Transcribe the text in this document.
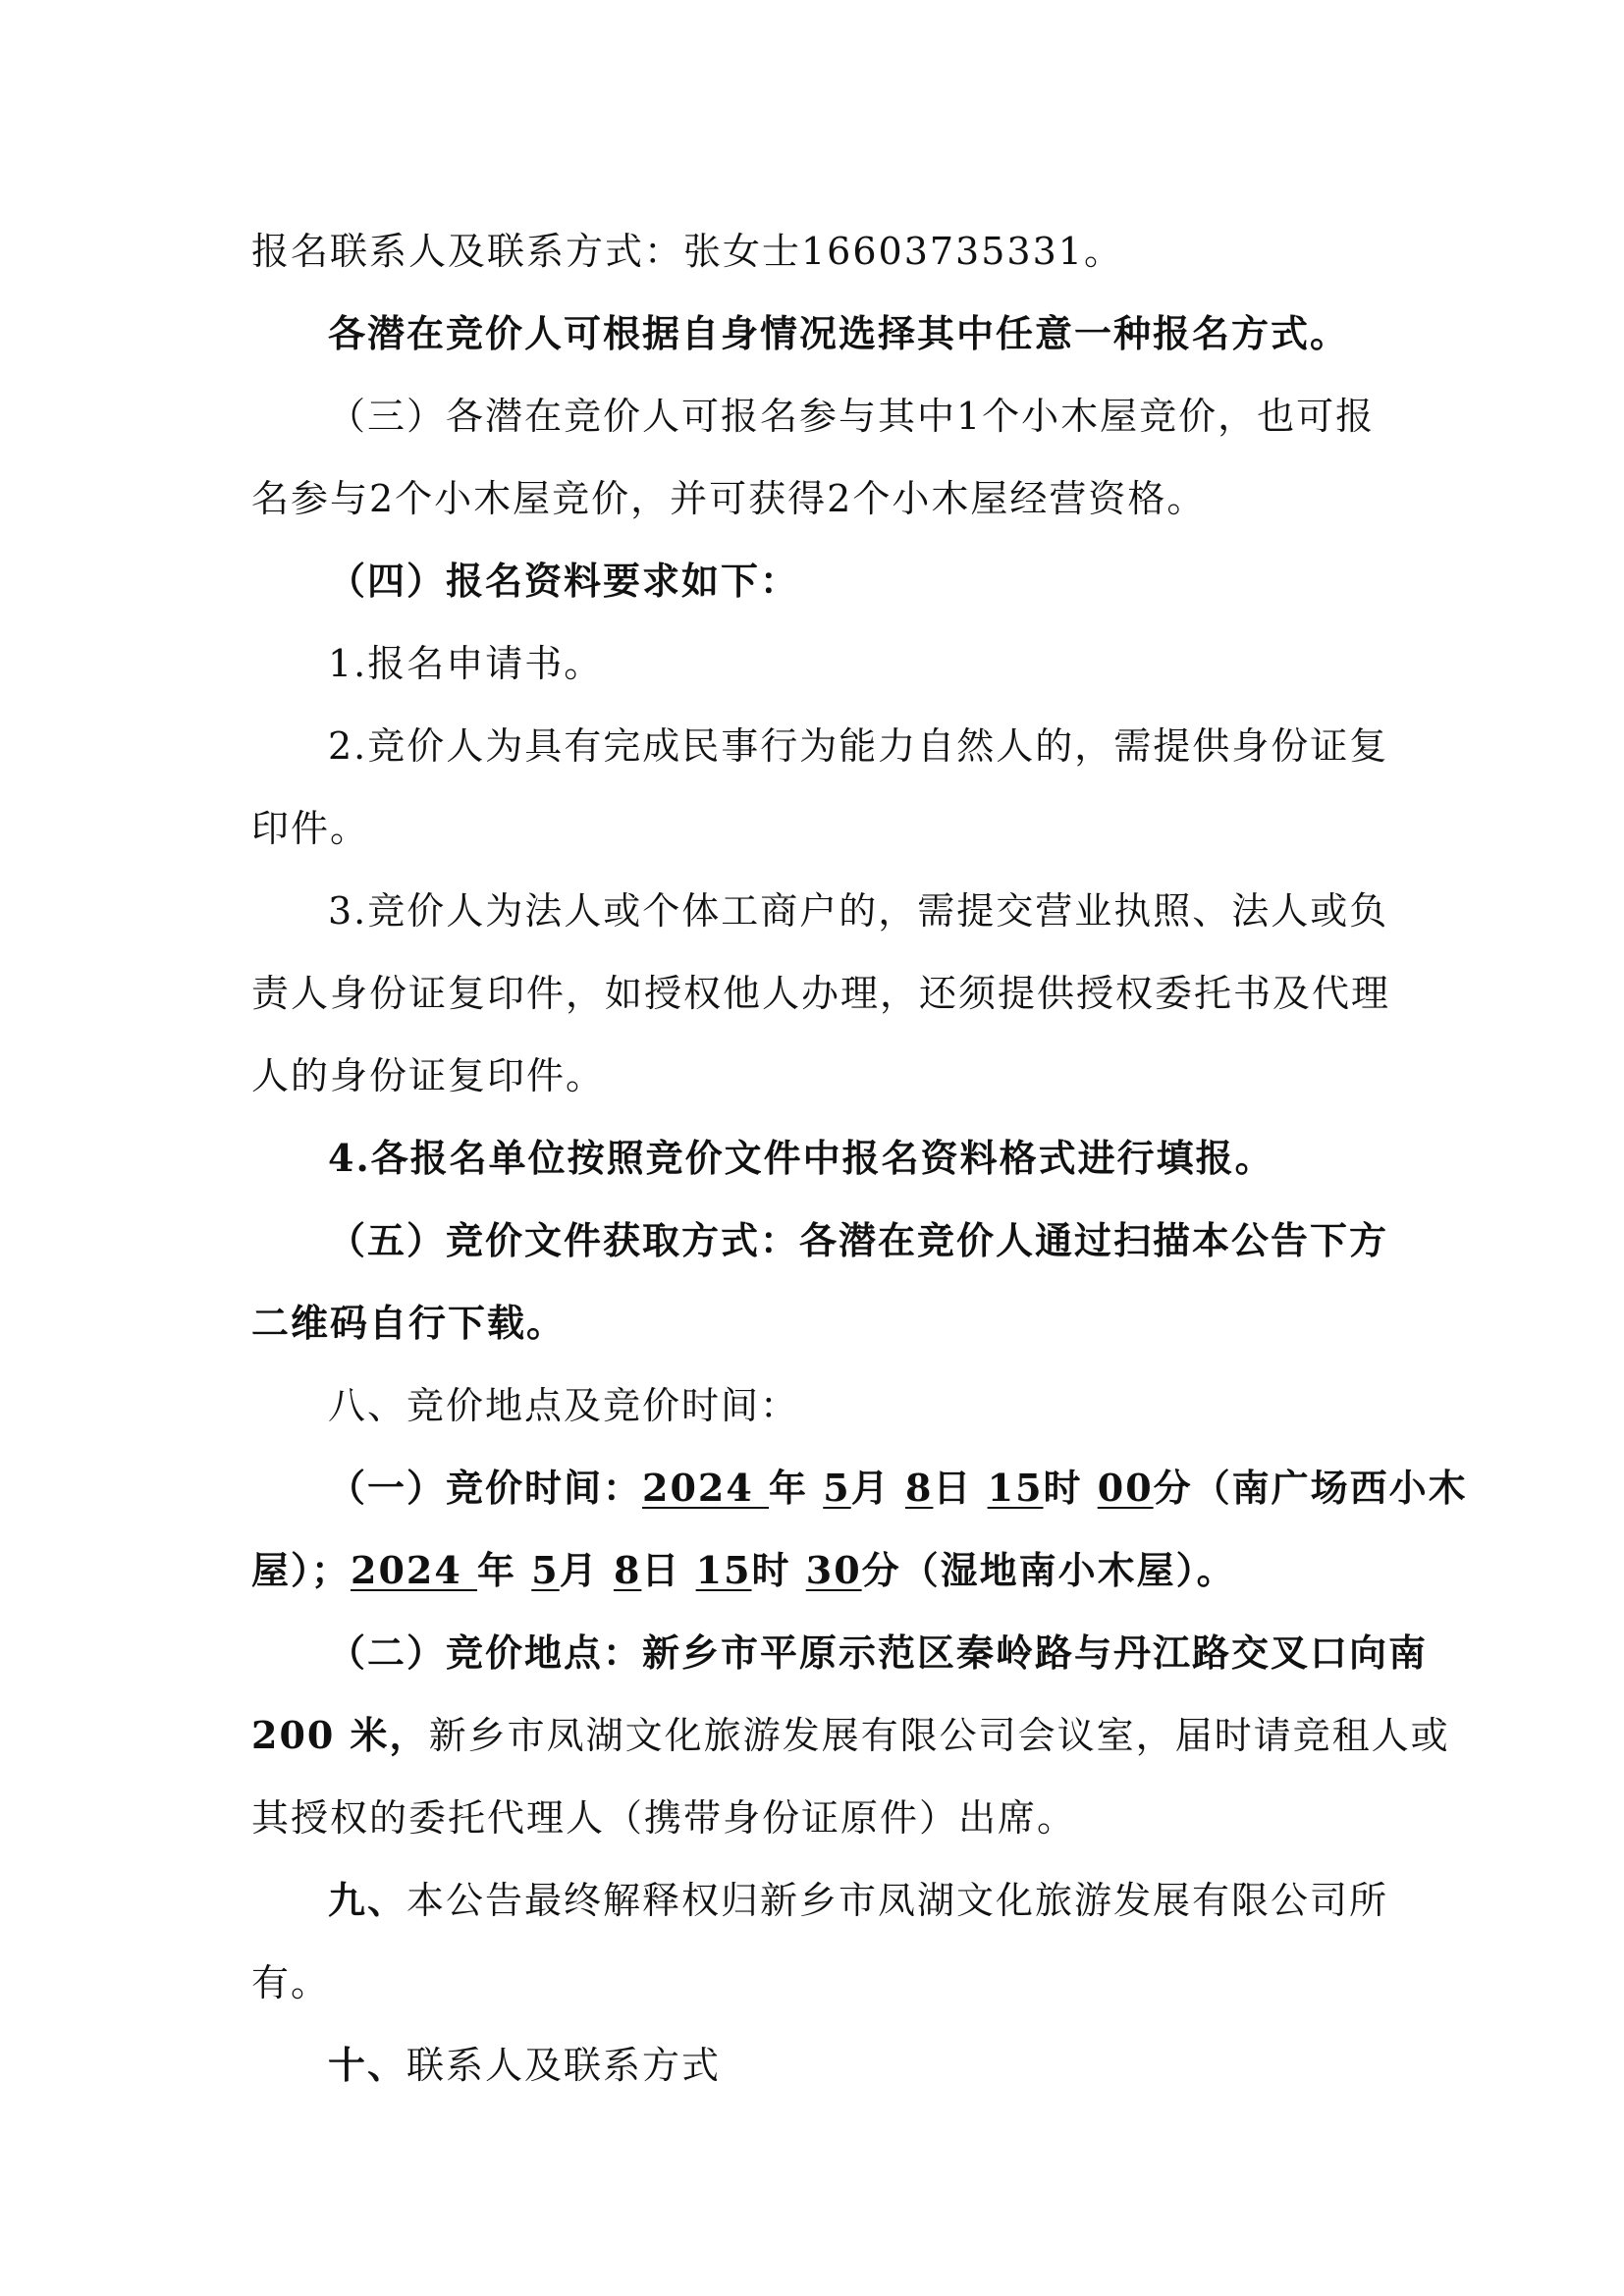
报名联系人及联系方式：张女士16603735331。
各潜在竞价人可根据自身情况选择其中任意一种报名方式。
（三）各潜在竞价人可报名参与其中1个小木屋竞价，也可报
名参与2个小木屋竞价，并可获得2个小木屋经营资格。
（四）报名资料要求如下：
1.报名申请书。
2.竞价人为具有完成民事行为能力自然人的，需提供身份证复
印件。
3.竞价人为法人或个体工商户的，需提交营业执照、法人或负
责人身份证复印件，如授权他人办理，还须提供授权委托书及代理
人的身份证复印件。
4.各报名单位按照竞价文件中报名资料格式进行填报。
（五）竞价文件获取方式：各潜在竞价人通过扫描本公告下方
二维码自行下载。
八、竞价地点及竞价时间：
（一）竞价时间：2024 年 5月 8日 15时 00分（南广场西小木
屋）；2024 年 5月 8日 15时 30分（湿地南小木屋）。
（二）竞价地点：新乡市平原示范区秦岭路与丹江路交叉口向南
200 米，新乡市凤湖文化旅游发展有限公司会议室，届时请竞租人或
其授权的委托代理人（携带身份证原件）出席。
九、本公告最终解释权归新乡市凤湖文化旅游发展有限公司所
有。
十、联系人及联系方式
